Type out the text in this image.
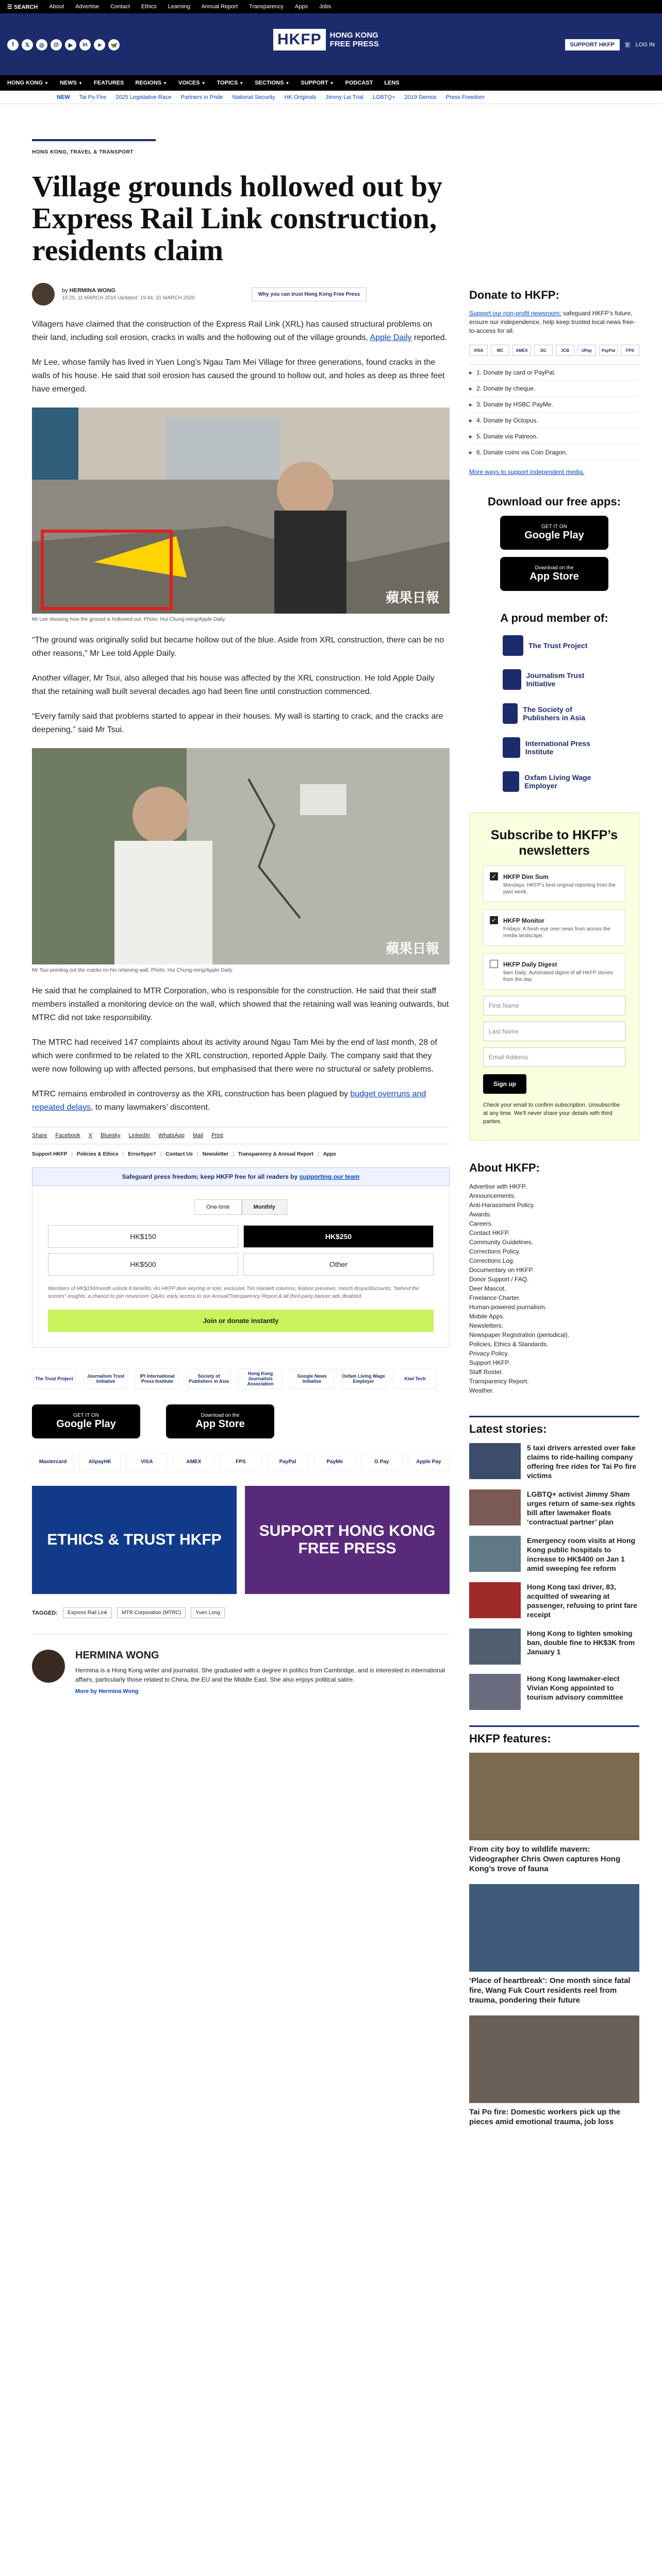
☰ SEARCH About Advertise Contact Ethics Learning Annual Report Transparency Apps Jobs
f	𝕏	◎	@	▶	in	➤	🦋	HKFP	HONG KONG
FREE PRESS	SUPPORT HKFP	繁 LOG IN
HONG KONG ▼ NEWS ▼ FEATURES REGIONS ▼ VOICES ▼ TOPICS ▼ SECTIONS ▼ SUPPORT ▼ PODCAST LENS
NEW Tai Po Fire 2025 Legislative Race Partners in Pride National Security HK Originals Jimmy Lai Trial LGBTQ+ 2019 Demos Press Freedom
HONG KONG, TRAVEL & TRANSPORT
Village grounds hollowed out by Express Rail Link construction, residents claim
by HERMINA WONG
16:20, 11 MARCH 2016 Updated: 19:44, 31 MARCH 2020
Why you can trust Hong Kong Free Press

Villagers have claimed that the construction of the Express Rail Link (XRL) has caused structural problems on their land, including soil erosion, cracks in walls and the hollowing out of the village grounds, Apple Daily reported.

Mr Lee, whose family has lived in Yuen Long’s Ngau Tam Mei Village for three generations, found cracks in the walls of his house. He said that soil erosion has caused the ground to hollow out, and holes as deep as three feet have emerged.

蘋果日報
Mr Lee showing how the ground is hollowed out. Photo: Hui Chung-ming/Apple Daily.

“The ground was originally solid but became hollow out of the blue. Aside from XRL construction, there can be no other reasons,” Mr Lee told Apple Daily.

Another villager, Mr Tsui, also alleged that his house was affected by the XRL construction. He told Apple Daily that the retaining wall built several decades ago had been fine until construction commenced.

“Every family said that problems started to appear in their houses. My wall is starting to crack, and the cracks are deepening,” said Mr Tsui.

蘋果日報
Mr Tsui pointing out the cracks on his retaining wall. Photo: Hui Chung-ming/Apple Daily.

He said that he complained to MTR Corporation, who is responsible for the construction. He said that their staff members installed a monitoring device on the wall, which showed that the retaining wall was leaning outwards, but MTRC did not take responsibility.

The MTRC had received 147 complaints about its activity around Ngau Tam Mei by the end of last month, 28 of which were confirmed to be related to the XRL construction, reported Apple Daily. The company said that they were now following up with affected persons, but emphasised that there were no structural or safety problems.

MTRC remains embroiled in controversy as the XRL construction has been plagued by budget overruns and repeated delays, to many lawmakers’ discontent.

Share Facebook X Bluesky LinkedIn WhatsApp Mail Print
Support HKFP | Policies & Ethics | Error/typo? | Contact Us | Newsletter | Transparency & Annual Report | Apps
Safeguard press freedom; keep HKFP free for all readers by supporting our team
One-time	Monthly
HK$150	HK$250
HK$500	Other
Members of HK$150/month unlock 8 benefits: An HKFP deer keyring or tote; exclusive Tim Hamlett columns; feature previews; merch drops/discounts; "behind the scenes" insights; a chance to join newsroom Q&As; early access to our Annual/Transparency Report & all third-party banner ads disabled.
Join or donate instantly
The Trust Project	Journalism Trust Initiative
IPI International Press Institute
Society of Publishers in Asia
Hong Kong Journalists Association
Google News Initiative
Oxfam Living Wage Employer	Kiwi Tech
GET IT ON
Google Play
Download on the
App Store
Mastercard	AlipayHK	VISA	AMEX	FPS	PayPal	PayMe	G Pay	Apple Pay
ETHICS & TRUST HKFP
SUPPORT HONG KONG FREE PRESS
TAGGED:	Express Rail Link	MTR Corporation (MTRC)	Yuen Long
HERMINA WONG

Hermina is a Hong Kong writer and journalist. She graduated with a degree in politics from Cambridge, and is interested in international affairs, particularly those related to China, the EU and the Middle East. She also enjoys political satire.

More by Hermina Wong
Donate to HKFP:
Support our non-profit newsroom: safeguard HKFP’s future, ensure our independence, help keep trusted local news free-to-access for all.
VISA	MC	AMEX	DC	JCB	UPay	PayPal	FPS
▶ 1. Donate by card or PayPal.
▶ 2. Donate by cheque.
▶ 3. Donate by HSBC PayMe.
▶ 4. Donate by Octopus.
▶ 5. Donate via Patreon.
▶ 6. Donate coins via Coin Dragon.
More ways to support independent media.
Download our free apps:
GET IT ON
Google Play
Download on the
App Store
A proud member of:
The Trust Project
Journalism Trust Initiative
The Society of Publishers in Asia
International Press Institute
Oxfam Living Wage Employer
Subscribe to HKFP’s newsletters
✓ HKFP Dim Sum

Mondays: HKFP's best original reporting from the past week.

✓ HKFP Monitor

Fridays: A fresh eye over news from across the media landscape.

HKFP Daily Digest

9am Daily: Automated digest of all HKFP stories from the day.

First Name
Last Name
Email Address
Sign up
Check your email to confirm subscription. Unsubscribe at any time. We'll never share your details with third parties.
About HKFP:
Advertise with HKFP.
Announcements.
Anti-Harassment Policy.
Awards.
Careers.
Contact HKFP.
Community Guidelines.
Corrections Policy.
Corrections Log.
Documentary on HKFP.
Donor Support / FAQ.
Deer Mascot.
Freelance Charter.
Human-powered journalism.
Mobile Apps.
Newsletters.
Newspaper Registration (periodical).
Policies, Ethics & Standards.
Privacy Policy.
Support HKFP.
Staff Roster.
Transparency Report.
Weather.
Latest stories:
5 taxi drivers arrested over fake claims to ride-hailing company offering free rides for Tai Po fire victims
LGBTQ+ activist Jimmy Sham urges return of same-sex rights bill after lawmaker floats ‘contractual partner’ plan
Emergency room visits at Hong Kong public hospitals to increase to HK$400 on Jan 1 amid sweeping fee reform
Hong Kong taxi driver, 83, acquitted of swearing at passenger, refusing to print fare receipt
Hong Kong to tighten smoking ban, double fine to HK$3K from January 1
Hong Kong lawmaker-elect Vivian Kong appointed to tourism advisory committee
HKFP features:
From city boy to wildlife mavern: Videographer Chris Owen captures Hong Kong’s trove of fauna
‘Place of heartbreak’: One month since fatal fire, Wang Fuk Court residents reel from trauma, pondering their future
Tai Po fire: Domestic workers pick up the pieces amid emotional trauma, job loss
